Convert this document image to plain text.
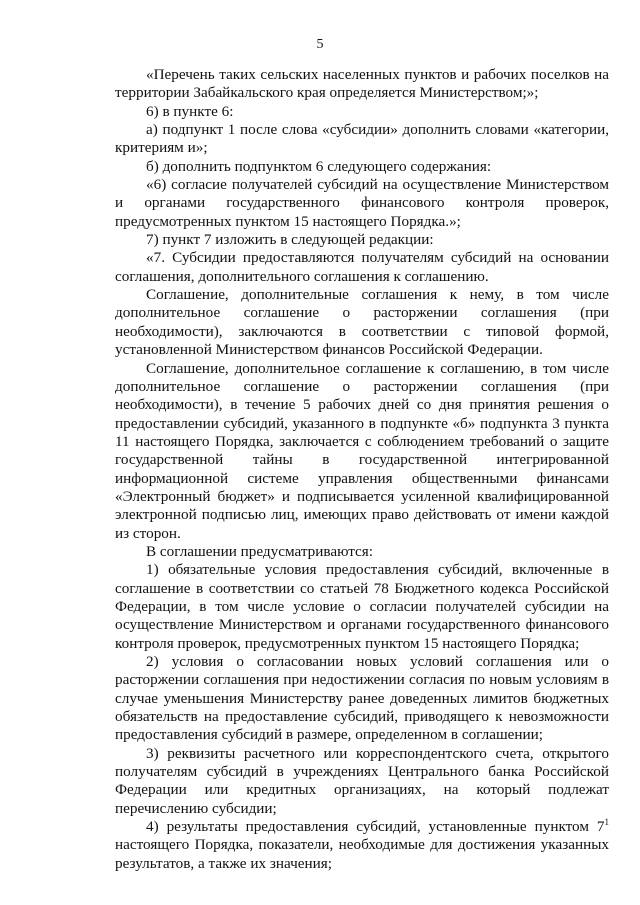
5

«Перечень таких сельских населенных пунктов и рабочих поселков на территории Забайкальского края определяется Министерством;»;

6) в пункте 6:

а) подпункт 1 после слова «субсидии» дополнить словами «категории, критериям и»;

б) дополнить подпунктом 6 следующего содержания:

«6) согласие получателей субсидий на осуществление Министерством и органами государственного финансового контроля проверок, предусмотренных пунктом 15 настоящего Порядка.»;

7) пункт 7 изложить в следующей редакции:

«7. Субсидии предоставляются получателям субсидий на основании соглашения, дополнительного соглашения к соглашению.

Соглашение, дополнительные соглашения к нему, в том числе дополнительное соглашение о расторжении соглашения (при необходимости), заключаются в соответствии с типовой формой, установленной Министерством финансов Российской Федерации.

Соглашение, дополнительное соглашение к соглашению, в том числе дополнительное соглашение о расторжении соглашения (при необходимости), в течение 5 рабочих дней со дня принятия решения о предоставлении субсидий, указанного в подпункте «б» подпункта 3 пункта 11 настоящего Порядка, заключается с соблюдением требований о защите государственной тайны в государственной интегрированной информационной системе управления общественными финансами «Электронный бюджет» и подписывается усиленной квалифицированной электронной подписью лиц, имеющих право действовать от имени каждой из сторон.

В соглашении предусматриваются:

1) обязательные условия предоставления субсидий, включенные в соглашение в соответствии со статьей 78 Бюджетного кодекса Российской Федерации, в том числе условие о согласии получателей субсидии на осуществление Министерством и органами государственного финансового контроля проверок, предусмотренных пунктом 15 настоящего Порядка;

2) условия о согласовании новых условий соглашения или о расторжении соглашения при недостижении согласия по новым условиям в случае уменьшения Министерству ранее доведенных лимитов бюджетных обязательств на предоставление субсидий, приводящего к невозможности предоставления субсидий в размере, определенном в соглашении;

3) реквизиты расчетного или корреспондентского счета, открытого получателям субсидий в учреждениях Центрального банка Российской Федерации или кредитных организациях, на который подлежат перечислению субсидии;

4) результаты предоставления субсидий, установленные пунктом $7^1$ настоящего Порядка, показатели, необходимые для достижения указанных результатов, а также их значения;
